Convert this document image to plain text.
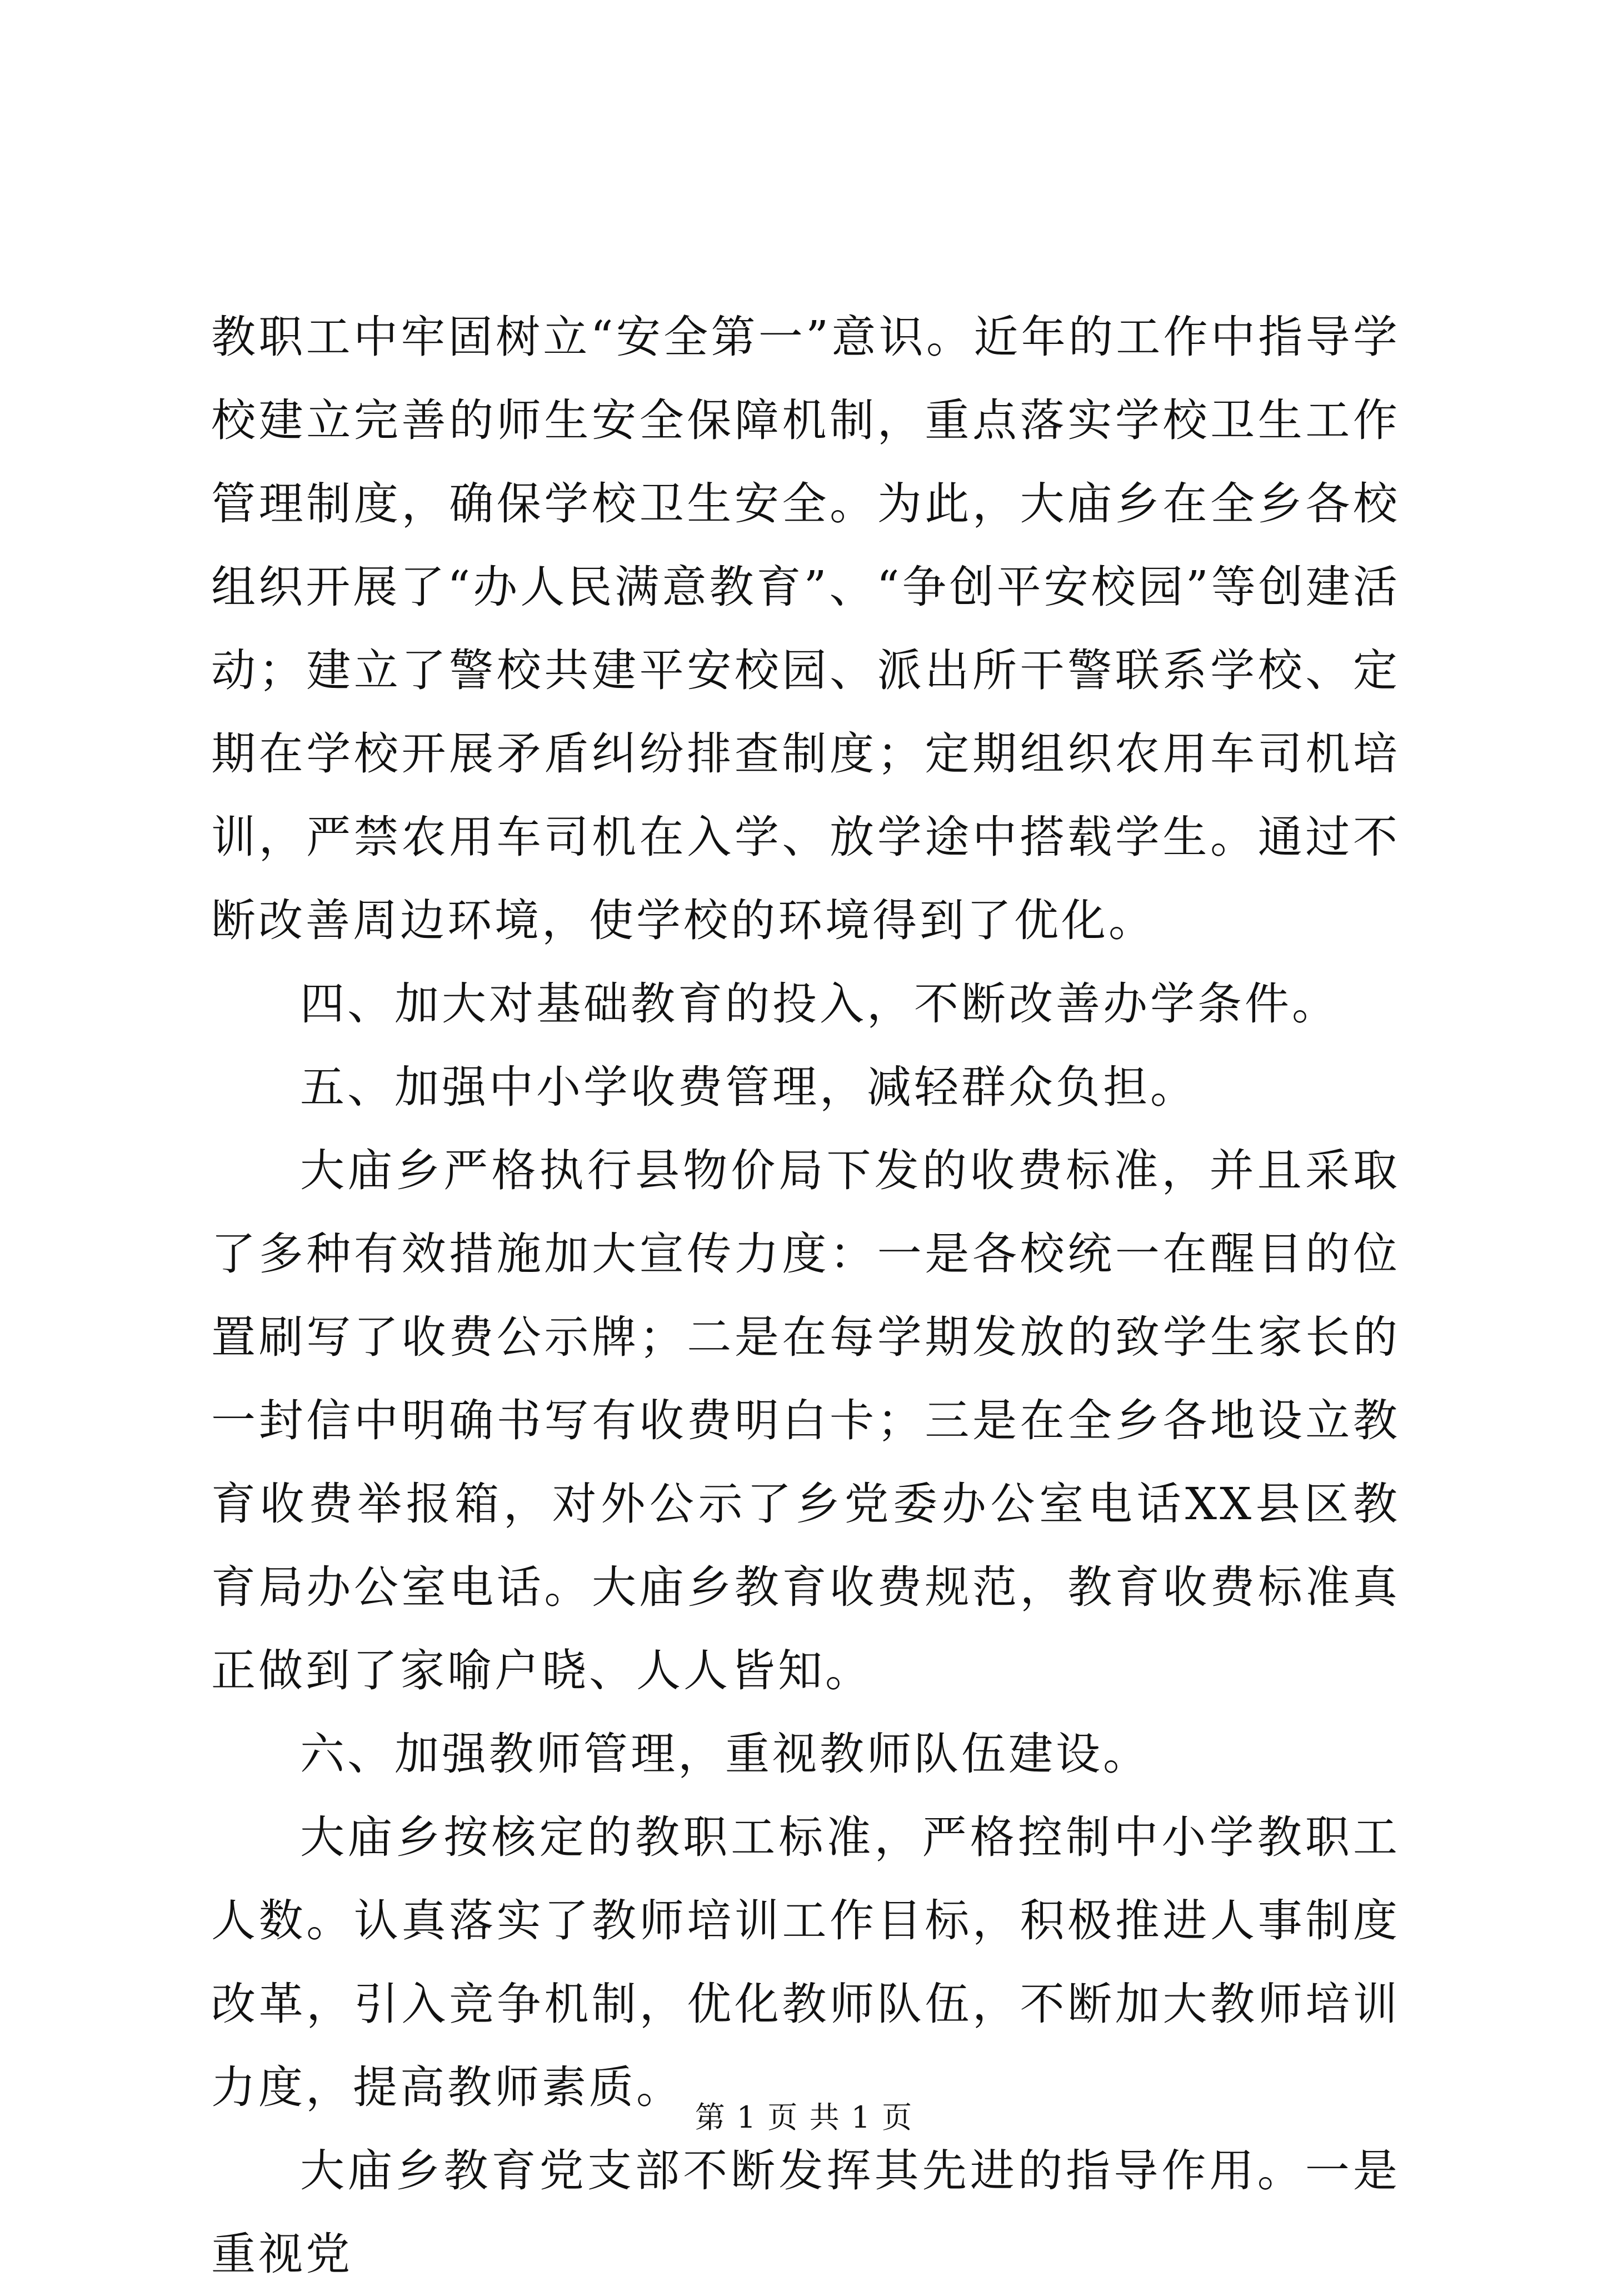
教职工中牢固树立“安全第一”意识。近年的工作中指导学校建立完善的师生安全保障机制，重点落实学校卫生工作管理制度，确保学校卫生安全。为此，大庙乡在全乡各校组织开展了“办人民满意教育”、“争创平安校园”等创建活动；建立了警校共建平安校园、派出所干警联系学校、定期在学校开展矛盾纠纷排查制度；定期组织农用车司机培训，严禁农用车司机在入学、放学途中搭载学生。通过不断改善周边环境，使学校的环境得到了优化。

四、加大对基础教育的投入，不断改善办学条件。

五、加强中小学收费管理，减轻群众负担。

大庙乡严格执行县物价局下发的收费标准，并且采取了多种有效措施加大宣传力度：一是各校统一在醒目的位置刷写了收费公示牌；二是在每学期发放的致学生家长的一封信中明确书写有收费明白卡；三是在全乡各地设立教育收费举报箱，对外公示了乡党委办公室电话XX县区教育局办公室电话。大庙乡教育收费规范，教育收费标准真正做到了家喻户晓、人人皆知。

六、加强教师管理，重视教师队伍建设。

大庙乡按核定的教职工标准，严格控制中小学教职工人数。认真落实了教师培训工作目标，积极推进人事制度改革，引入竞争机制，优化教师队伍，不断加大教师培训力度，提高教师素质。

大庙乡教育党支部不断发挥其先进的指导作用。一是重视党

第 1 页 共 1 页
